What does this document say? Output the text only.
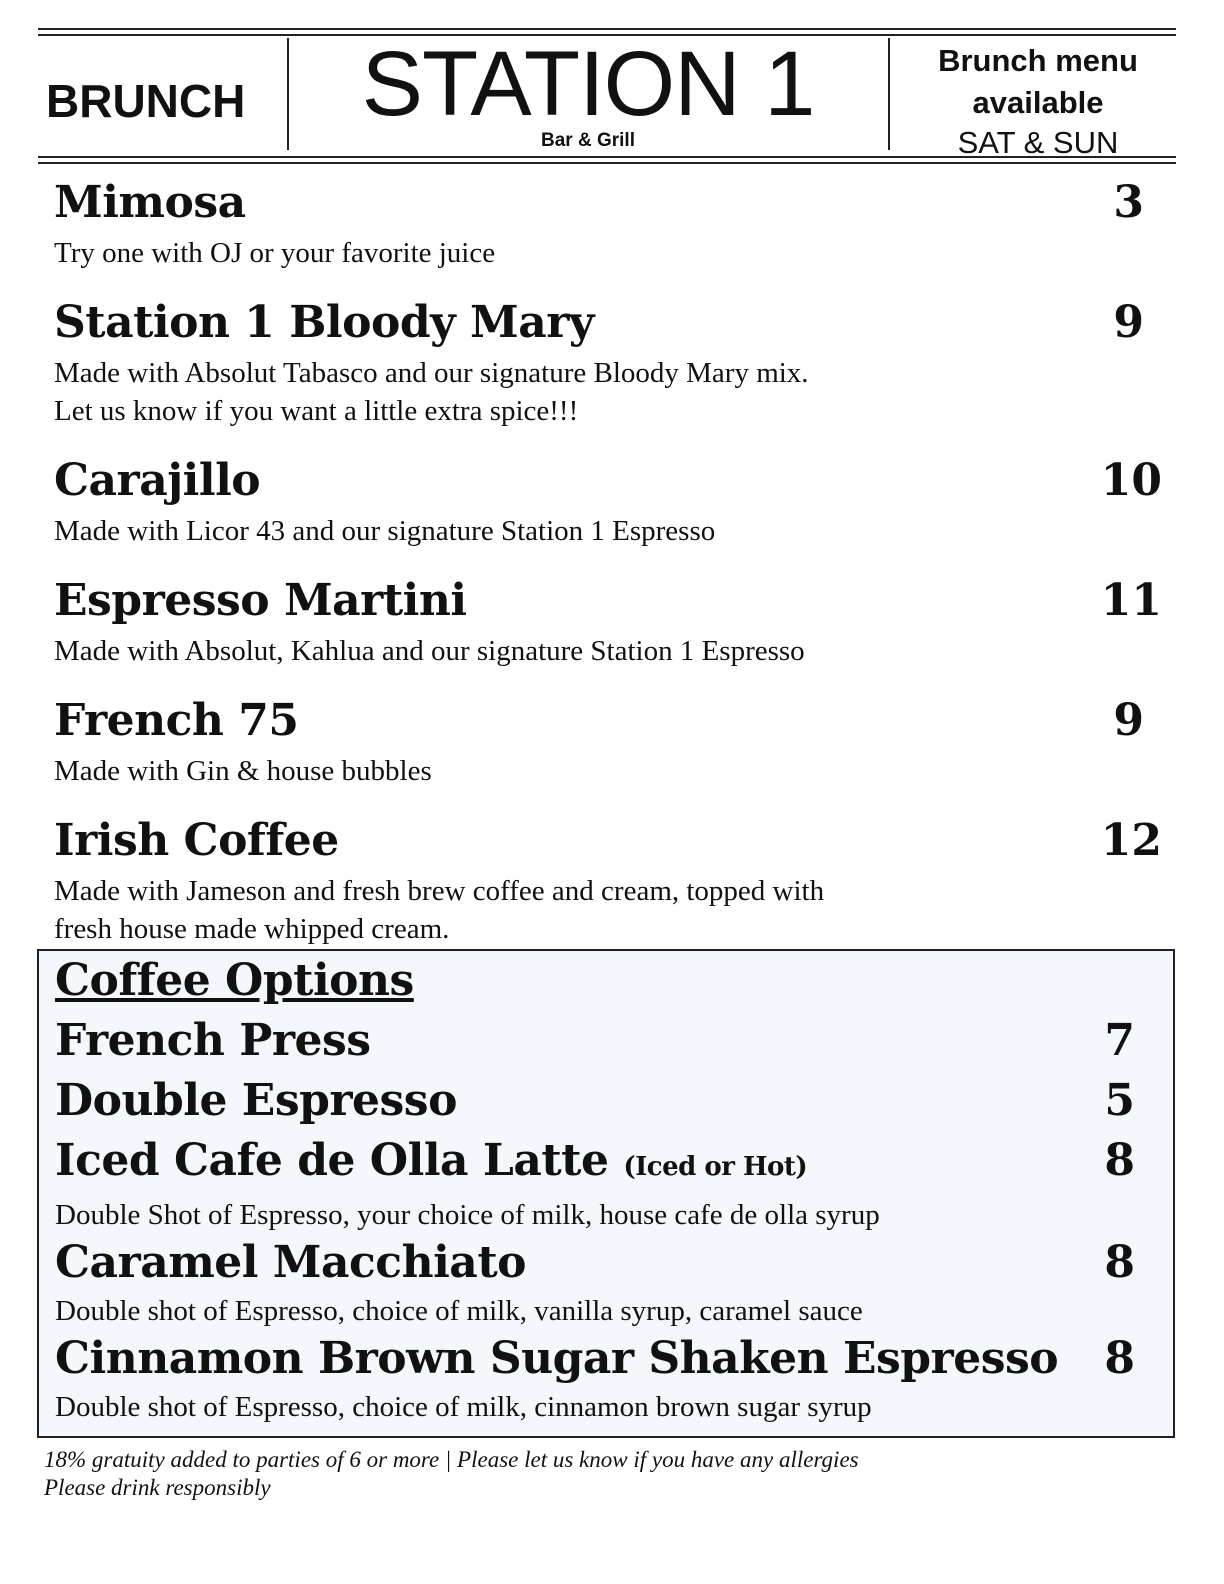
BRUNCH	STATION 1
Bar & Grill
Brunch menu
available
SAT & SUN
Mimosa	3
Try one with OJ or your favorite juice
Station 1 Bloody Mary	9
Made with Absolut Tabasco and our signature Bloody Mary mix.
Let us know if you want a little extra spice!!!
Carajillo	10
Made with Licor 43 and our signature Station 1 Espresso
Espresso Martini	11
Made with Absolut, Kahlua and our signature Station 1 Espresso
French 75	9
Made with Gin & house bubbles
Irish Coffee	12
Made with Jameson and fresh brew coffee and cream, topped with
fresh house made whipped cream.
Coffee Options
French Press	7
Double Espresso	5
Iced Cafe de Olla Latte (Iced or Hot)	8
Double Shot of Espresso, your choice of milk, house cafe de olla syrup
Caramel Macchiato	8
Double shot of Espresso, choice of milk, vanilla syrup, caramel sauce
Cinnamon Brown Sugar Shaken Espresso	8
Double shot of Espresso, choice of milk, cinnamon brown sugar syrup
18% gratuity added to parties of 6 or more | Please let us know if you have any allergies
Please drink responsibly
